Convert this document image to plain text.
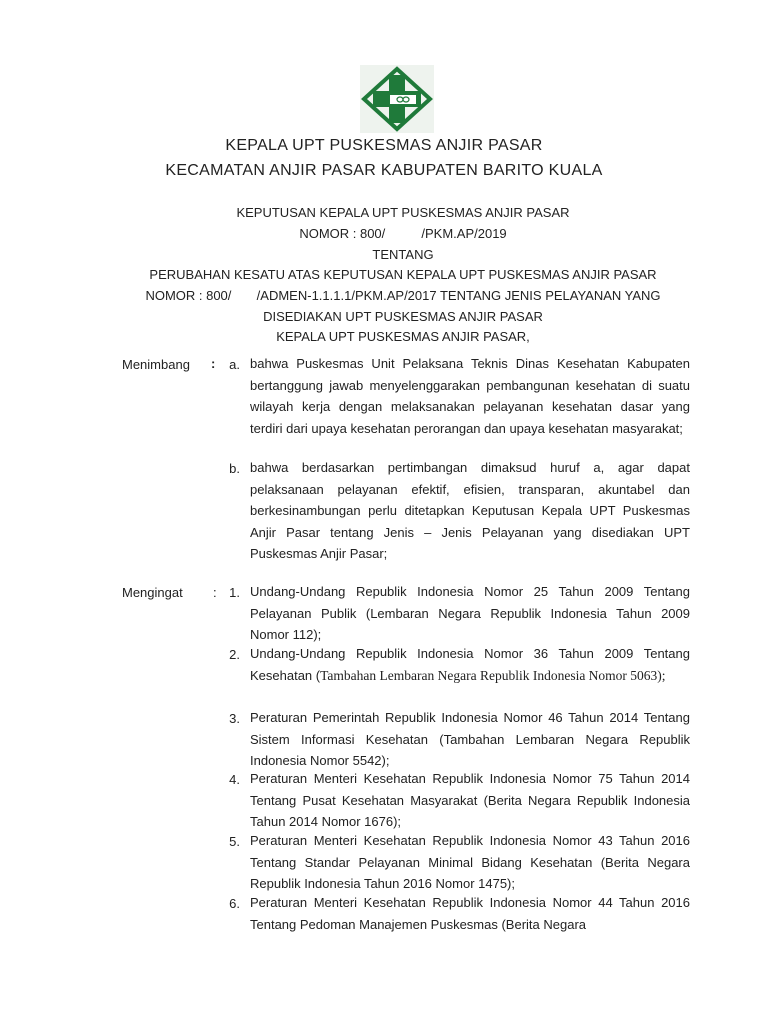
KEPALA UPT PUSKESMAS ANJIR PASAR
KECAMATAN ANJIR PASAR KABUPATEN BARITO KUALA
KEPUTUSAN KEPALA UPT PUSKESMAS ANJIR PASAR
NOMOR : 800/          /PKM.AP/2019
TENTANG
PERUBAHAN KESATU ATAS KEPUTUSAN KEPALA UPT PUSKESMAS ANJIR PASAR
NOMOR : 800/       /ADMEN-1.1.1.1/PKM.AP/2017 TENTANG JENIS PELAYANAN YANG
DISEDIAKAN UPT PUSKESMAS ANJIR PASAR
KEPALA UPT PUSKESMAS ANJIR PASAR,
Menimbang :	a. bahwa Puskesmas Unit Pelaksana Teknis Dinas Kesehatan Kabupaten bertanggung jawab menyelenggarakan pembangunan kesehatan di suatu wilayah kerja dengan melaksanakan pelayanan kesehatan dasar yang terdiri dari upaya kesehatan perorangan dan upaya kesehatan masyarakat;
b. bahwa berdasarkan pertimbangan dimaksud huruf a, agar dapat pelaksanaan pelayanan efektif, efisien, transparan, akuntabel dan berkesinambungan perlu ditetapkan Keputusan Kepala UPT Puskesmas Anjir Pasar tentang Jenis – Jenis Pelayanan yang disediakan UPT Puskesmas Anjir Pasar;
Mengingat : 1. Undang-Undang Republik Indonesia Nomor 25 Tahun 2009 Tentang Pelayanan Publik (Lembaran Negara Republik Indonesia Tahun 2009 Nomor 112);
2. Undang-Undang Republik Indonesia Nomor 36 Tahun 2009 Tentang Kesehatan (Tambahan Lembaran Negara Republik Indonesia Nomor 5063);
3. Peraturan Pemerintah Republik Indonesia Nomor 46 Tahun 2014 Tentang Sistem Informasi Kesehatan (Tambahan Lembaran Negara Republik Indonesia Nomor 5542);
4. Peraturan Menteri Kesehatan Republik Indonesia Nomor 75 Tahun 2014 Tentang Pusat Kesehatan Masyarakat (Berita Negara Republik Indonesia Tahun 2014 Nomor 1676);
5. Peraturan Menteri Kesehatan Republik Indonesia Nomor 43 Tahun 2016 Tentang Standar Pelayanan Minimal Bidang Kesehatan (Berita Negara Republik Indonesia Tahun 2016 Nomor 1475);
6. Peraturan Menteri Kesehatan Republik Indonesia Nomor 44 Tahun 2016 Tentang Pedoman Manajemen Puskesmas (Berita Negara
